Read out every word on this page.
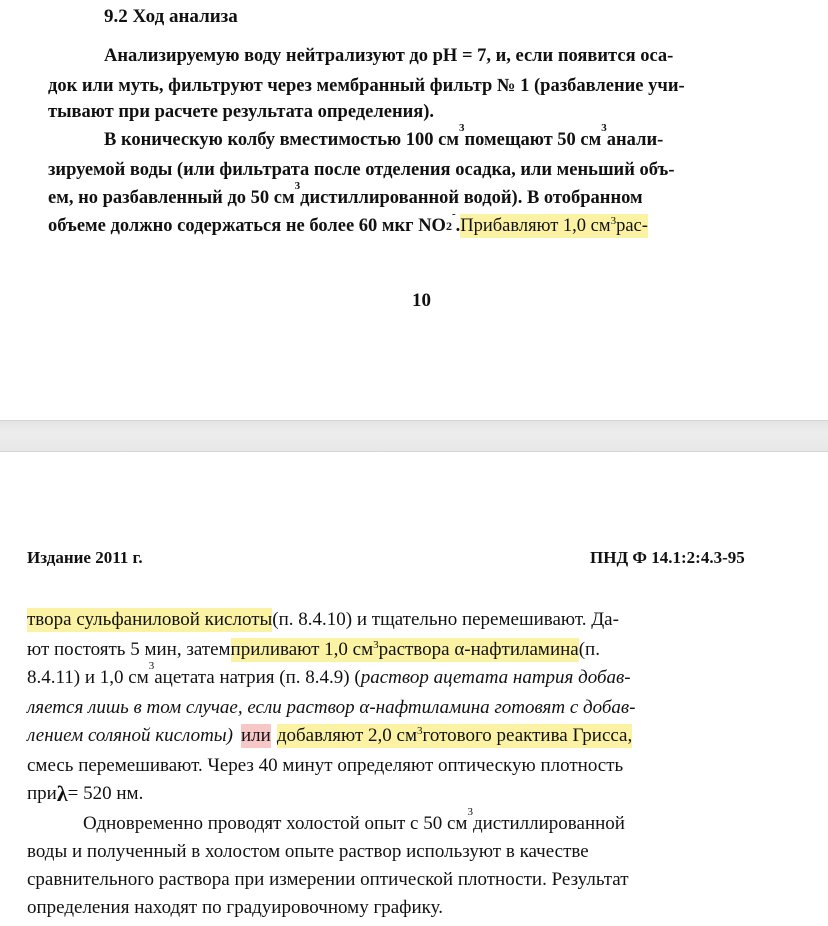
9.2 Ход анализа
Анализируемую воду нейтрализуют до pH = 7, и, если появится оса-
док или муть, фильтруют через мембранный фильтр № 1 (разбавление учи-
тывают при расчете результата определения).
В коническую колбу вместимостью 100 см
3
помещают 50 см
3
анали-
зируемой воды (или фильтрата после отделения осадка, или меньший объ-
ем, но разбавленный до 50 см
3
дистиллированной водой). В отобранном
объеме должно содержаться не более 60 мкг NO 2
-
. Прибавляют 1,0 $см^3рас-$
10
Издание 2011 г.	ПНД Ф 14.1:2:4.3-95
твора сульфаниловой кислоты (п. 8.4.10) и тщательно перемешивают. Да-
ют постоять 5 мин, затем приливают 1,0 $см^3раствора$ α-нафтиламина (п.
8.4.11) и 1,0 см
3
ацетата натрия (п. 8.4.9) ( раствор ацетата натрия добав-
ляется лишь в том случае, если раствор α-нафтиламина готовят с добав-
лением соляной кислоты) или добавляют 2,0 $см^3готового$ реактива Грисса,
смесь перемешивают. Через 40 минут определяют оптическую плотность
при λ = 520 нм.
Одновременно проводят холостой опыт с 50 см
3
дистиллированной
воды и полученный в холостом опыте раствор используют в качестве
сравнительного раствора при измерении оптической плотности. Результат
определения находят по градуировочному графику.
